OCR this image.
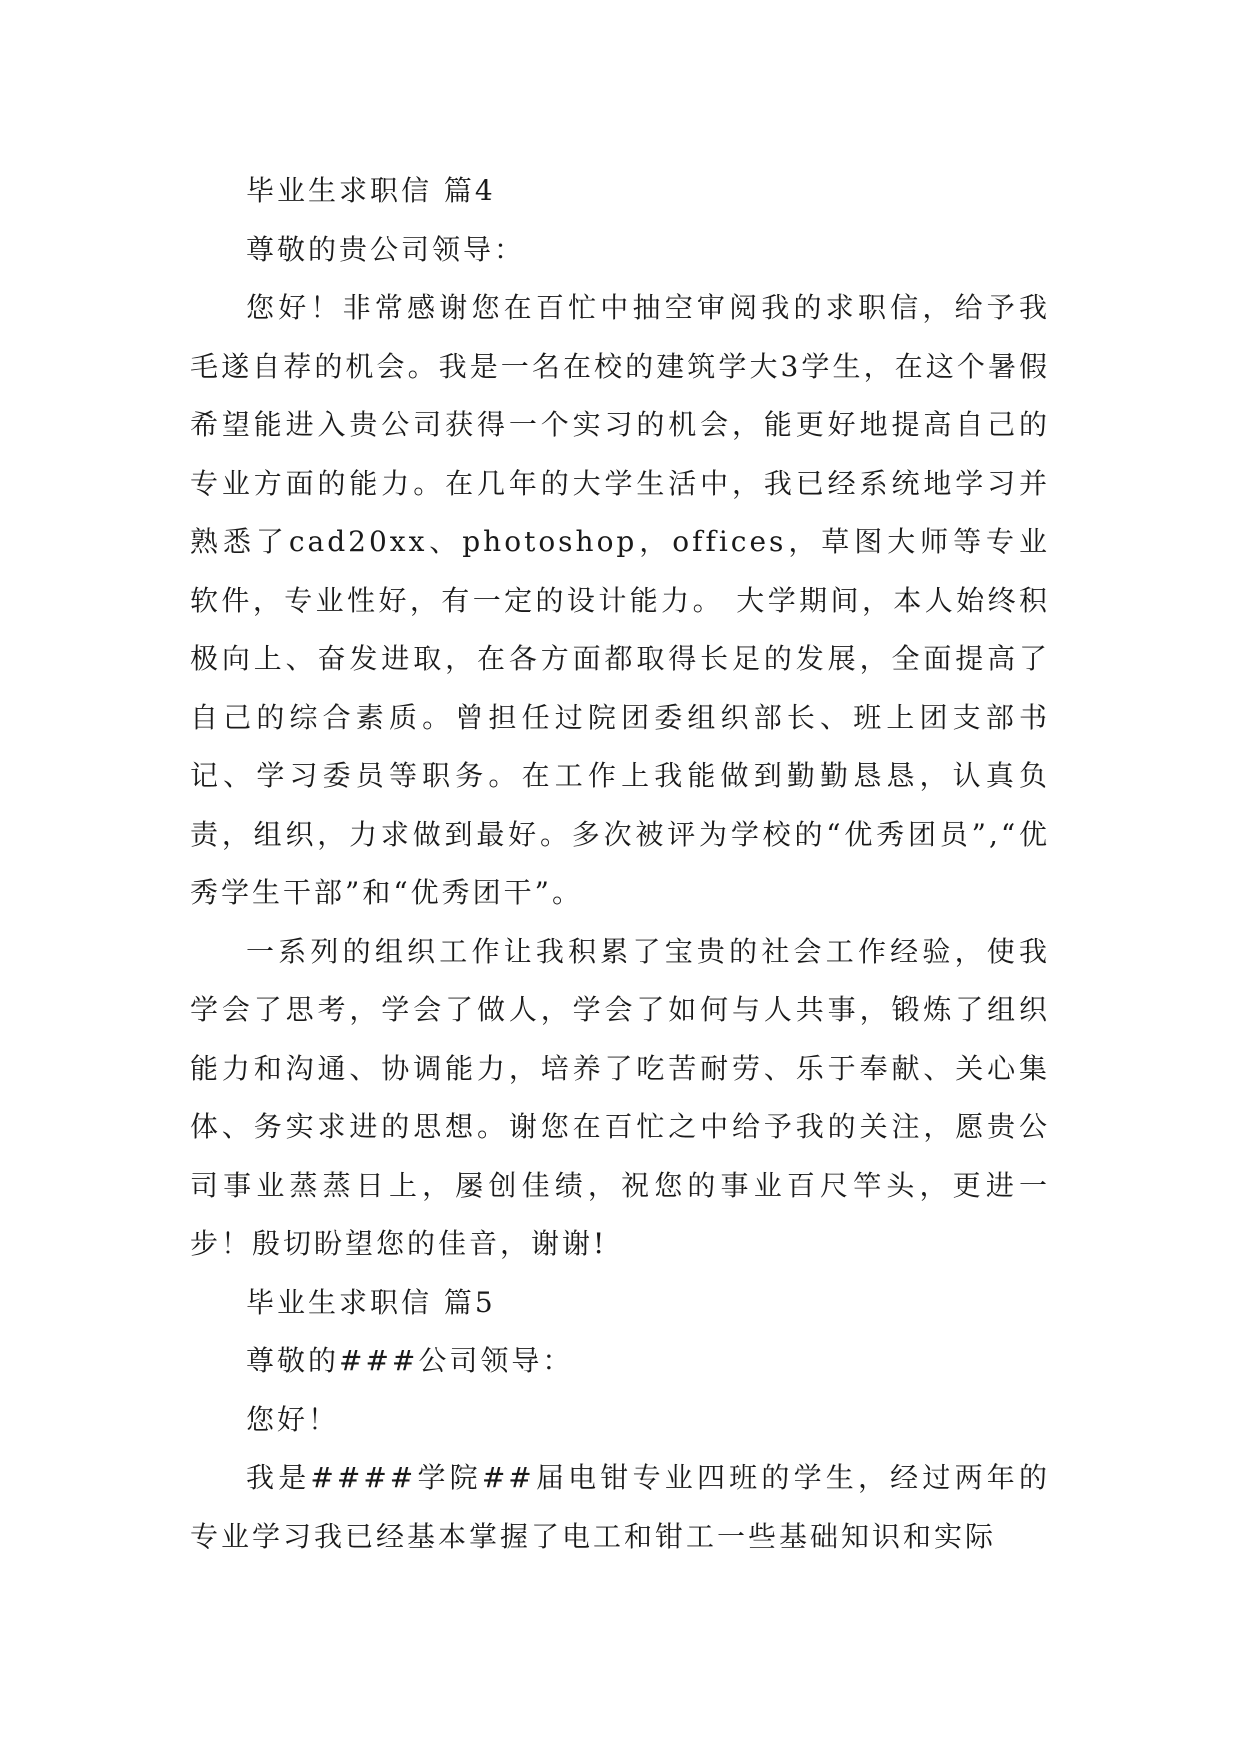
毕业生求职信 篇4

尊敬的贵公司领导：

您好！非常感谢您在百忙中抽空审阅我的求职信，给予我毛遂自荐的机会。我是一名在校的建筑学大3学生，在这个暑假希望能进入贵公司获得一个实习的机会，能更好地提高自己的专业方面的能力。在几年的大学生活中，我已经系统地学习并熟悉了cad20xx、photoshop，offices，草图大师等专业软件，专业性好，有一定的设计能力。 大学期间，本人始终积极向上、奋发进取，在各方面都取得长足的发展，全面提高了自己的综合素质。曾担任过院团委组织部长、班上团支部书记、学习委员等职务。在工作上我能做到勤勤恳恳，认真负责，组织，力求做到最好。多次被评为学校的“优秀团员”,“优秀学生干部”和“优秀团干”。

一系列的组织工作让我积累了宝贵的社会工作经验，使我学会了思考，学会了做人，学会了如何与人共事，锻炼了组织能力和沟通、协调能力，培养了吃苦耐劳、乐于奉献、关心集体、务实求进的思想。谢您在百忙之中给予我的关注，愿贵公司事业蒸蒸日上，屡创佳绩，祝您的事业百尺竿头，更进一步！殷切盼望您的佳音，谢谢!

毕业生求职信 篇5

尊敬的###公司领导：

您好！

我是####学院##届电钳专业四班的学生，经过两年的专业学习我已经基本掌握了电工和钳工一些基础知识和实际
